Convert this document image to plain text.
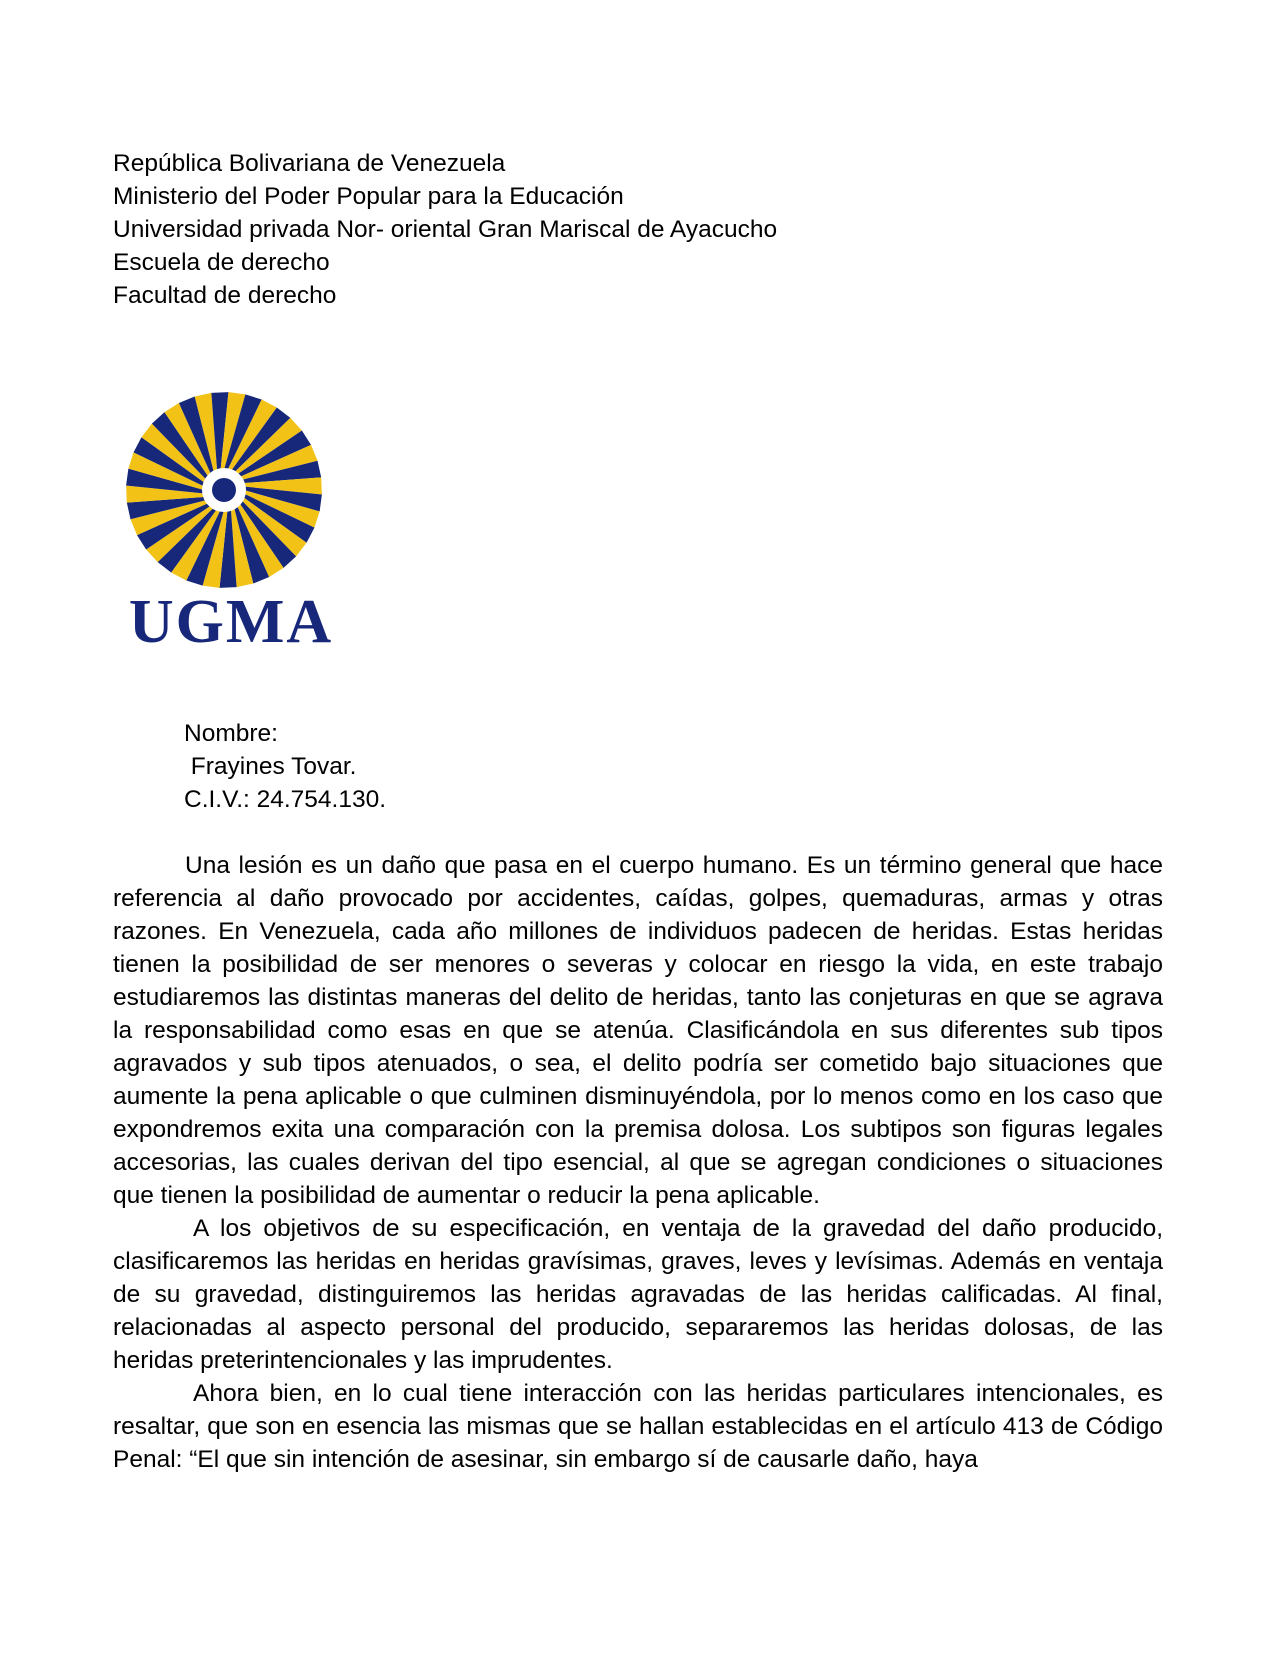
República Bolivariana de Venezuela
Ministerio del Poder Popular para la Educación
Universidad privada Nor- oriental Gran Mariscal de Ayacucho
Escuela de derecho
Facultad de derecho
UGMA
Nombre:
Frayines Tovar.
C.I.V.: 24.754.130.

Una lesión es un daño que pasa en el cuerpo humano. Es un término general que hace referencia al daño provocado por accidentes, caídas, golpes, quemaduras, armas y otras razones. En Venezuela, cada año millones de individuos padecen de heridas. Estas heridas tienen la posibilidad de ser menores o severas y colocar en riesgo la vida, en este trabajo estudiaremos las distintas maneras del delito de heridas, tanto las conjeturas en que se agrava la responsabilidad como esas en que se atenúa. Clasificándola en sus diferentes sub tipos agravados y sub tipos atenuados, o sea, el delito podría ser cometido bajo situaciones que aumente la pena aplicable o que culminen disminuyéndola, por lo menos como en los caso que expondremos exita una comparación con la premisa dolosa. Los subtipos son figuras legales accesorias, las cuales derivan del tipo esencial, al que se agregan condiciones o situaciones que tienen la posibilidad de aumentar o reducir la pena aplicable.

A los objetivos de su especificación, en ventaja de la gravedad del daño producido, clasificaremos las heridas en heridas gravísimas, graves, leves y levísimas. Además en ventaja de su gravedad, distinguiremos las heridas agravadas de las heridas calificadas. Al final, relacionadas al aspecto personal del producido, separaremos las heridas dolosas, de las heridas preterintencionales y las imprudentes.

Ahora bien, en lo cual tiene interacción con las heridas particulares intencionales, es resaltar, que son en esencia las mismas que se hallan establecidas en el artículo 413 de Código Penal: “El que sin intención de asesinar, sin embargo sí de causarle daño, haya
